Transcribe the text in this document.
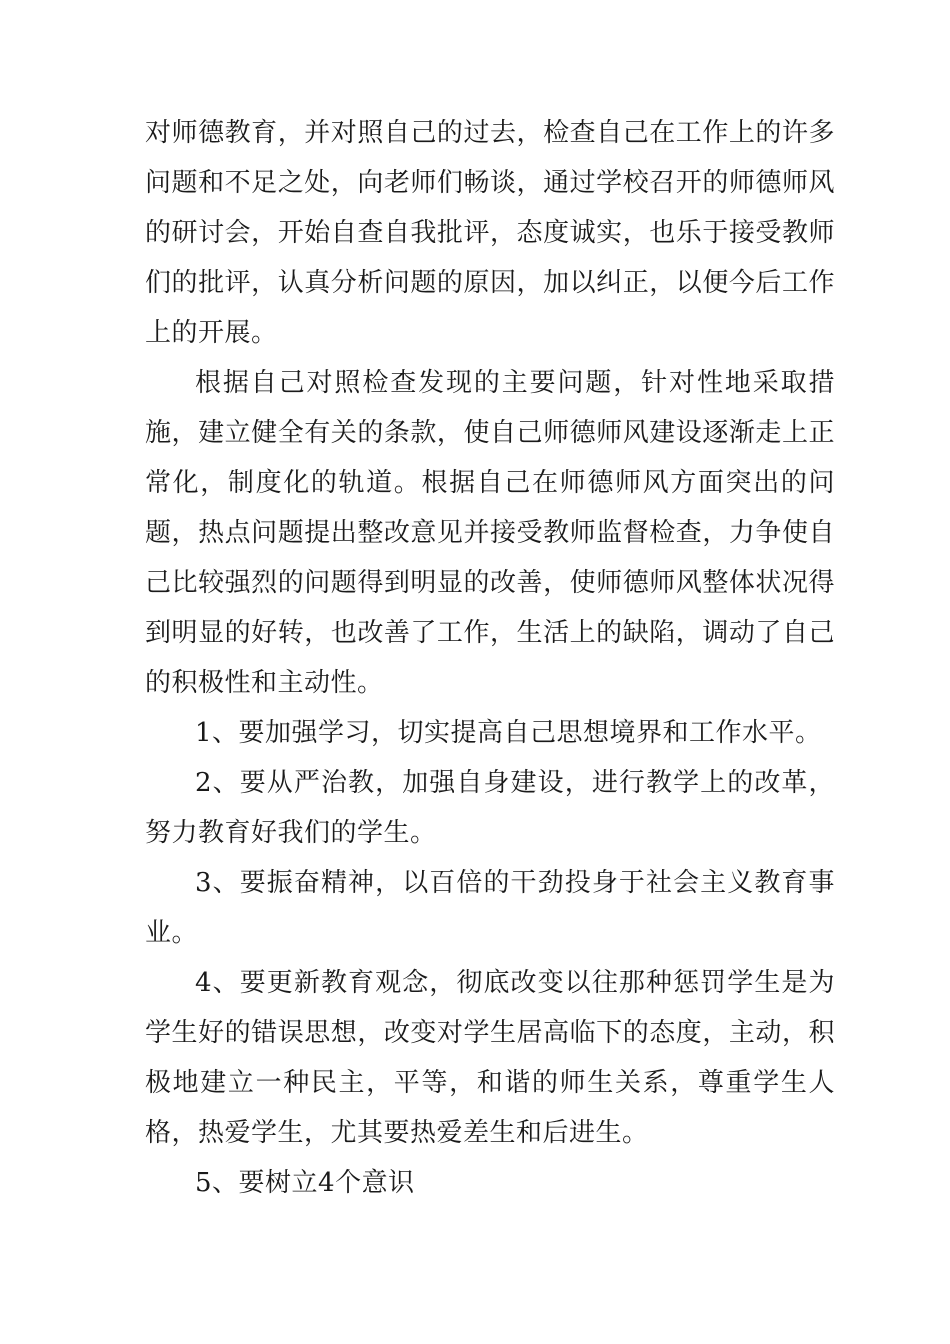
对师德教育，并对照自己的过去，检查自己在工作上的许多问题和不足之处，向老师们畅谈，通过学校召开的师德师风的研讨会，开始自查自我批评，态度诚实，也乐于接受教师们的批评，认真分析问题的原因，加以纠正，以便今后工作上的开展。

根据自己对照检查发现的主要问题，针对性地采取措施，建立健全有关的条款，使自己师德师风建设逐渐走上正常化，制度化的轨道。根据自己在师德师风方面突出的问题，热点问题提出整改意见并接受教师监督检查，力争使自己比较强烈的问题得到明显的改善，使师德师风整体状况得到明显的好转，也改善了工作，生活上的缺陷，调动了自己的积极性和主动性。

1、要加强学习，切实提高自己思想境界和工作水平。

2、要从严治教，加强自身建设，进行教学上的改革，努力教育好我们的学生。

3、要振奋精神，以百倍的干劲投身于社会主义教育事业。

4、要更新教育观念，彻底改变以往那种惩罚学生是为学生好的错误思想，改变对学生居高临下的态度，主动，积极地建立一种民主，平等，和谐的师生关系，尊重学生人格，热爱学生，尤其要热爱差生和后进生。

5、要树立4个意识
